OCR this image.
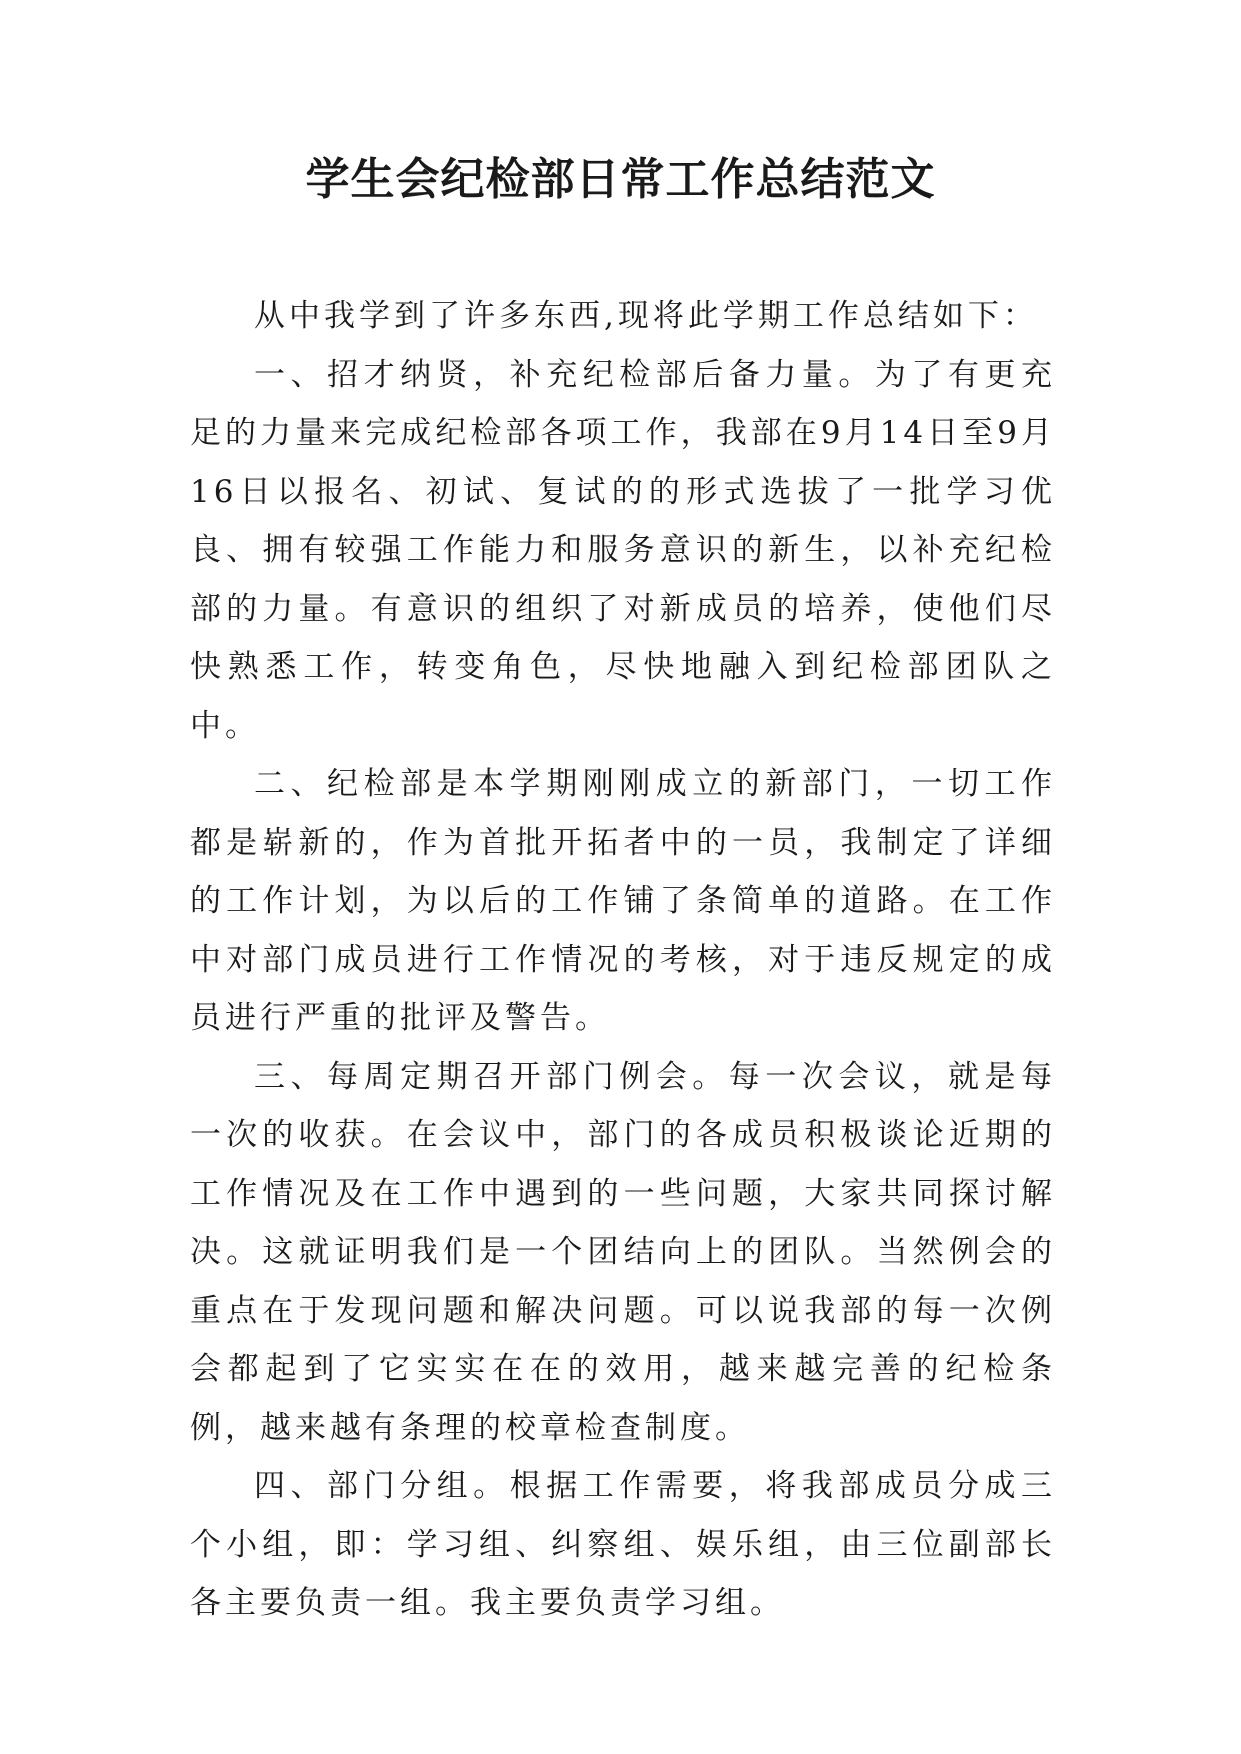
学生会纪检部日常工作总结范文

从中我学到了许多东西,现将此学期工作总结如下：

一、招才纳贤，补充纪检部后备力量。为了有更充足的力量来完成纪检部各项工作，我部在9月14日至9月16日以报名、初试、复试的的形式选拔了一批学习优良、拥有较强工作能力和服务意识的新生，以补充纪检部的力量。有意识的组织了对新成员的培养，使他们尽快熟悉工作，转变角色，尽快地融入到纪检部团队之中。

二、纪检部是本学期刚刚成立的新部门，一切工作都是崭新的，作为首批开拓者中的一员，我制定了详细的工作计划，为以后的工作铺了条简单的道路。在工作中对部门成员进行工作情况的考核，对于违反规定的成员进行严重的批评及警告。

三、每周定期召开部门例会。每一次会议，就是每一次的收获。在会议中，部门的各成员积极谈论近期的工作情况及在工作中遇到的一些问题，大家共同探讨解决。这就证明我们是一个团结向上的团队。当然例会的重点在于发现问题和解决问题。可以说我部的每一次例会都起到了它实实在在的效用，越来越完善的纪检条例，越来越有条理的校章检查制度。

四、部门分组。根据工作需要，将我部成员分成三个小组，即：学习组、纠察组、娱乐组，由三位副部长各主要负责一组。我主要负责学习组。
